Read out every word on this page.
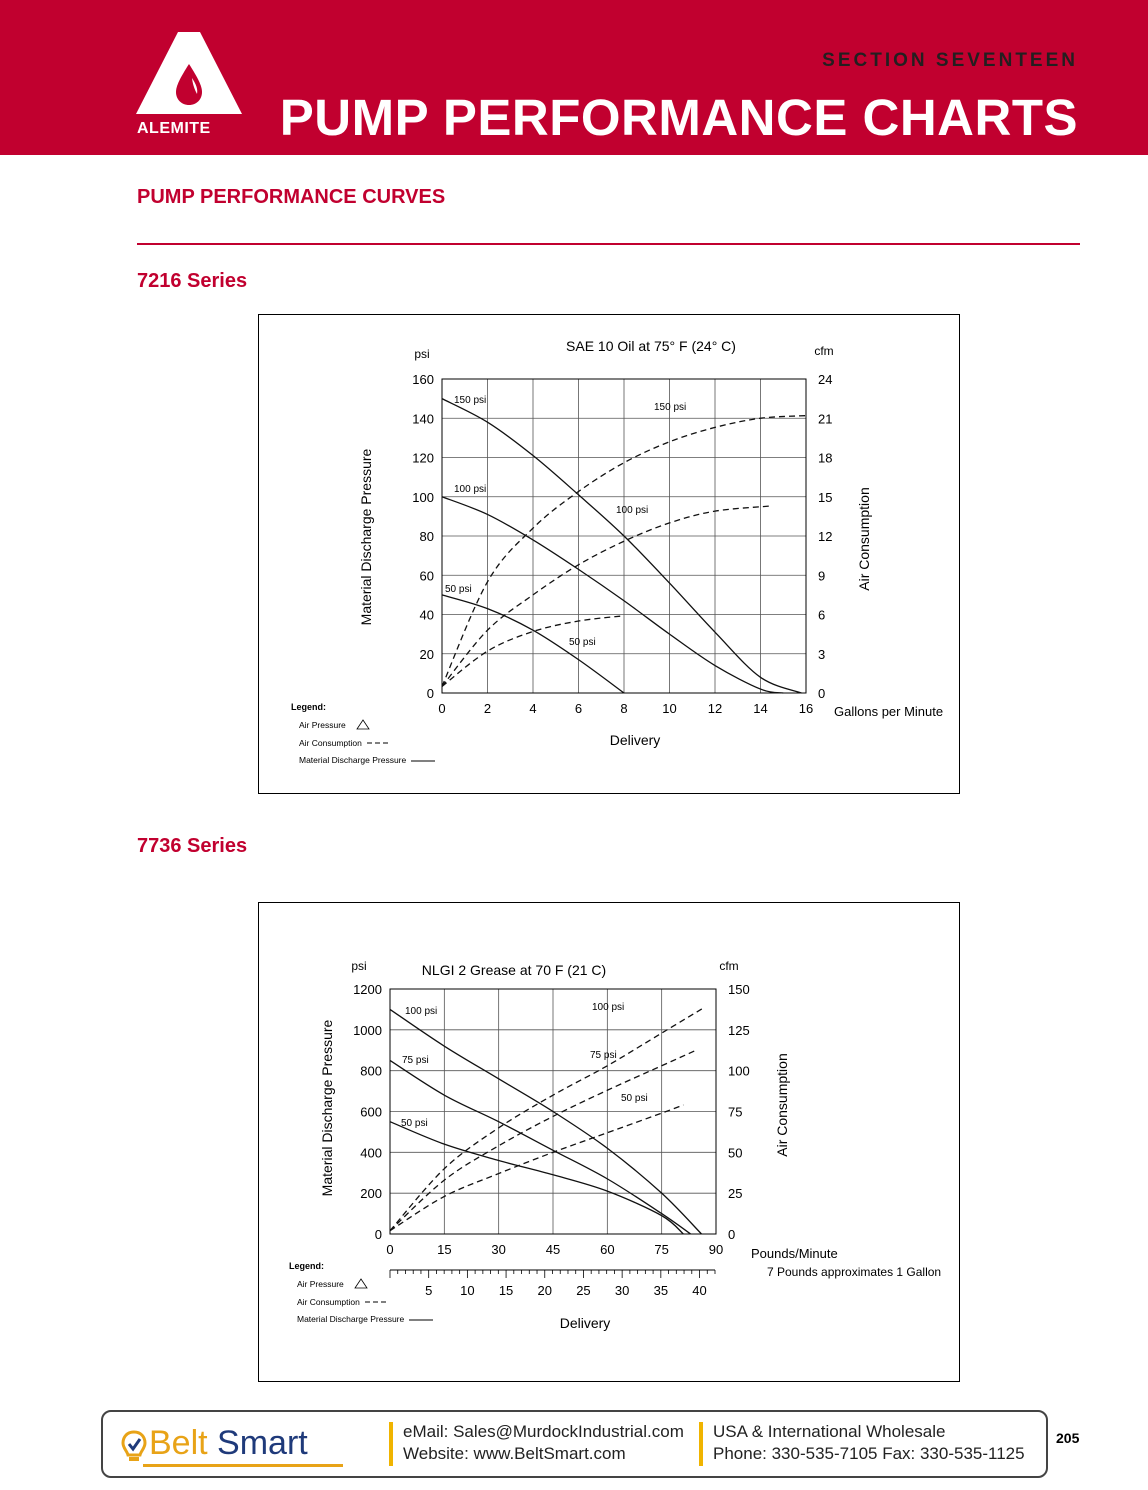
ALEMITE
SECTION SEVENTEEN
PUMP PERFORMANCE CHARTS
PUMP PERFORMANCE CURVES
7216 Series
7736 Series
0	2	4	6	8	10 12 14 16
0
20
40
60
80
100
120
140
160
0
3
6
9
12
15
18
21
24
SAE 10 Oil at 75° F (24° C)
psi	cfm
Material Discharge Pressure	Air Consumption
Gallons per Minute
Delivery
150 psi
100 psi
50 psi
150 psi
100 psi
50 psi
Legend:
Air Pressure
Air Consumption
Material Discharge Pressure
0	15	30	45	60	75	90
0
200
400
600
800
1000
1200
0
25
50
75
100
125
150
NLGI 2 Grease at 70 F (21 C)
psi	cfm
Material Discharge Pressure	Air Consumption
Pounds/Minute
Delivery
5 10 15 20 25 30 35 40
7 Pounds approximates 1 Gallon
100 psi
75 psi
50 psi
100 psi
75 psi
50 psi
Legend:
Air Pressure
Air Consumption
Material Discharge Pressure
Belt Smart	eMail: Sales@MurdockIndustrial.com
Website: www.BeltSmart.com
USA & International Wholesale
Phone: 330-535-7105 Fax: 330-535-1125
205
